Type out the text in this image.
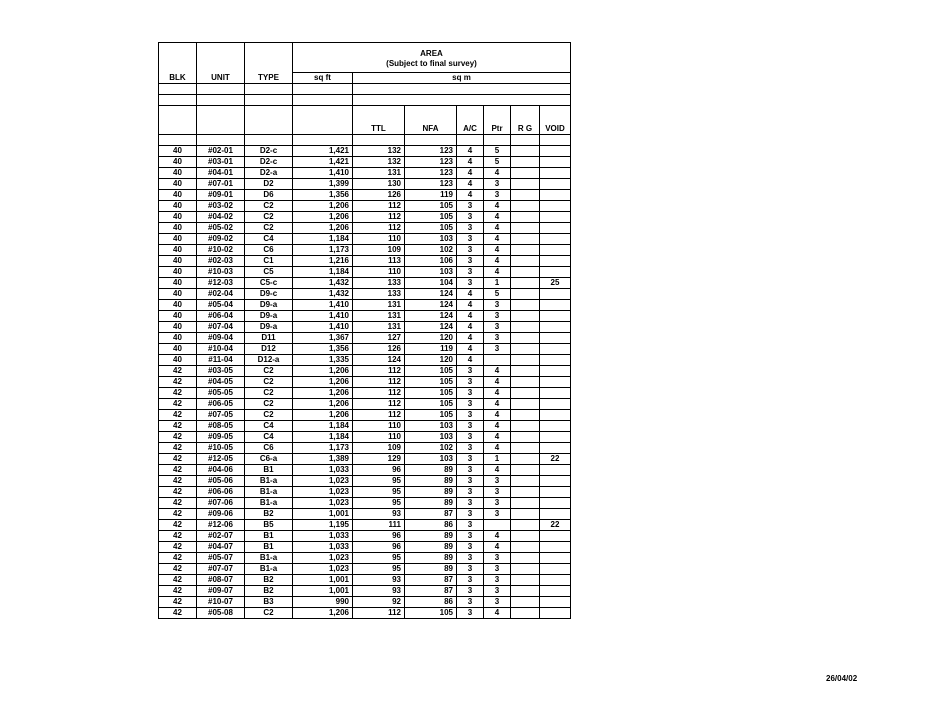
BLK	UNIT	TYPE	AREA
(Subject to final survey)						

			sq ft	sq m					

				TTL	NFA	A/C	Ptr	R G	VOID

40	#02-01	D2-c	1,421	132	123	4	5		
40	#03-01	D2-c	1,421	132	123	4	5		
40	#04-01	D2-a	1,410	131	123	4	4		
40	#07-01	D2	1,399	130	123	4	3		
40	#09-01	D6	1,356	126	119	4	3		
40	#03-02	C2	1,206	112	105	3	4		
40	#04-02	C2	1,206	112	105	3	4		
40	#05-02	C2	1,206	112	105	3	4		
40	#09-02	C4	1,184	110	103	3	4		
40	#10-02	C6	1,173	109	102	3	4		
40	#02-03	C1	1,216	113	106	3	4		
40	#10-03	C5	1,184	110	103	3	4		
40	#12-03	C5-c	1,432	133	104	3	1		25
40	#02-04	D9-c	1,432	133	124	4	5		
40	#05-04	D9-a	1,410	131	124	4	3		
40	#06-04	D9-a	1,410	131	124	4	3		
40	#07-04	D9-a	1,410	131	124	4	3		
40	#09-04	D11	1,367	127	120	4	3		
40	#10-04	D12	1,356	126	119	4	3		
40	#11-04	D12-a	1,335	124	120	4			
42	#03-05	C2	1,206	112	105	3	4		
42	#04-05	C2	1,206	112	105	3	4		
42	#05-05	C2	1,206	112	105	3	4		
42	#06-05	C2	1,206	112	105	3	4		
42	#07-05	C2	1,206	112	105	3	4		
42	#08-05	C4	1,184	110	103	3	4		
42	#09-05	C4	1,184	110	103	3	4		
42	#10-05	C6	1,173	109	102	3	4		
42	#12-05	C6-a	1,389	129	103	3	1		22
42	#04-06	B1	1,033	96	89	3	4		
42	#05-06	B1-a	1,023	95	89	3	3		
42	#06-06	B1-a	1,023	95	89	3	3		
42	#07-06	B1-a	1,023	95	89	3	3		
42	#09-06	B2	1,001	93	87	3	3		
42	#12-06	B5	1,195	111	86	3			22
42	#02-07	B1	1,033	96	89	3	4		
42	#04-07	B1	1,033	96	89	3	4		
42	#05-07	B1-a	1,023	95	89	3	3		
42	#07-07	B1-a	1,023	95	89	3	3		
42	#08-07	B2	1,001	93	87	3	3		
42	#09-07	B2	1,001	93	87	3	3		
42	#10-07	B3	990	92	86	3	3		
42	#05-08	C2	1,206	112	105	3	4		
26/04/02
